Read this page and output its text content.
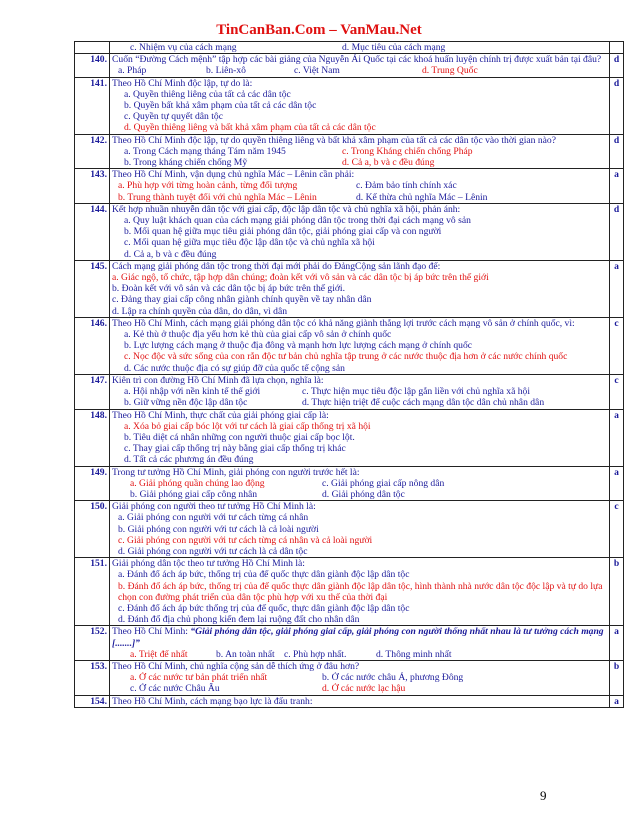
TinCanBan.Com – VanMau.Net

	c. Nhiệm vụ của cách mạng d. Mục tiêu của cách mạng	

140.	Cuốn “Đường Cách mệnh” tập hợp các bài giảng của Nguyễn Ái Quốc tại các khoá huấn luyện chính trị được xuất bản tại đâu?
a. Pháp b. Liên-xô c. Việt Nam d. Trung Quốc	d
141.	Theo Hồ Chí Minh độc lập, tự do là:
a. Quyền thiêng liêng của tất cả các dân tộc
b. Quyền bất khả xâm phạm của tất cả các dân tộc
c. Quyền tự quyết dân tộc
d. Quyền thiêng liêng và bất khả xâm phạm của tất cả các dân tộc	d
142.	Theo Hồ Chí Minh độc lập, tự do quyền thiêng liêng và bất khả xâm phạm của tất cả các dân tộc vào thời gian nào?
a. Trong Cách mạng tháng Tám năm 1945 c. Trong Kháng chiến chống Pháp
b. Trong kháng chiến chống Mỹ d. Cả a, b và c đều đúng	d
143.	Theo Hồ Chí Minh, vận dụng chủ nghĩa Mác – Lênin cần phải:
a. Phù hợp với từng hoàn cảnh, từng đối tượng c. Đảm bảo tính chính xác
b. Trung thành tuyệt đối với chủ nghĩa Mác – Lênin d. Kế thừa chủ nghĩa Mác – Lênin	a
144.	Kết hợp nhuần nhuyễn dân tộc với giai cấp, độc lập dân tộc và chủ nghĩa xã hội, phản ánh:
a. Quy luật khách quan của cách mạng giải phóng dân tộc trong thời đại cách mạng vô sản
b. Mối quan hệ giữa mục tiêu giải phóng dân tộc, giải phóng giai cấp và con người
c. Mối quan hệ giữa mục tiêu độc lập dân tộc và chủ nghĩa xã hội
d. Cả a, b và c đều đúng	d
145.	Cách mạng giải phóng dân tộc trong thời đại mới phải do ĐảngCộng sản lãnh đạo để:
a. Giác ngộ, tổ chức, tập hợp dân chúng; đoàn kết với vô sản và các dân tộc bị áp bức trên thế giới
b. Đoàn kết với vô sản và các dân tộc bị áp bức trên thế giới.
c. Đảng thay giai cấp công nhân giành chính quyền về tay nhân dân
d. Lập ra chính quyền của dân, do dân, vì dân	a
146.	Theo Hồ Chí Minh, cách mạng giải phóng dân tộc có khả năng giành thắng lợi trước cách mạng vô sản ở chính quốc, vì:
a. Kẻ thù ở thuộc địa yếu hơn kẻ thù của giai cấp vô sản ở chính quốc
b. Lực lượng cách mạng ở thuộc địa đông và mạnh hơn lực lượng cách mạng ở chính quốc
c. Nọc độc và sức sống của con rắn độc tư bản chủ nghĩa tập trung ở các nước thuộc địa hơn ở các nước chính quốc
d. Các nước thuộc địa có sự giúp đỡ của quốc tế cộng sản	c
147.	Kiên trì con đường Hồ Chí Minh đã lựa chọn, nghĩa là:
a. Hội nhập với nền kinh tế thế giới c. Thực hiện mục tiêu độc lập gắn liền với chủ nghĩa xã hội
b. Giữ vững nền độc lập dân tộc d. Thực hiện triệt để cuộc cách mạng dân tộc dân chủ nhân dân	c
148.	Theo Hồ Chí Minh, thực chất của giải phóng giai cấp là:
a. Xóa bỏ giai cấp bóc lột với tư cách là giai cấp thống trị xã hội
b. Tiêu diệt cá nhân những con người thuộc giai cấp bọc lột.
c. Thay giai cấp thống trị này bằng giai cấp thống trị khác
d. Tất cả các phương án đều đúng	a
149.	Trong tư tưởng Hồ Chí Minh, giải phóng con người trước hết là:
a. Giải phóng quần chúng lao động c. Giải phóng giai cấp nông dân
b. Giải phóng giai cấp công nhân d. Giải phóng dân tộc	a
150.	Giải phóng con người theo tư tưởng Hồ Chí Minh là:
a. Giải phóng con người với tư cách từng cá nhân
b. Giải phóng con người với tư cách là cả loài người
c. Giải phóng con người với tư cách từng cá nhân và cả loài người
d. Giải phóng con người với tư cách là cả dân tộc	c
151.	Giải phóng dân tộc theo tư tưởng Hồ Chí Minh là:
a. Đánh đổ ách áp bức, thống trị của đế quốc thực dân giành độc lập dân tộc
b. Đánh đổ ách áp bức, thống trị của đế quốc thực dân giành độc lập dân tộc, hình thành nhà nước dân tộc độc lập và tự do lựa chọn con đường phát triển của dân tộc phù hợp với xu thế của thời đại
c. Đánh đổ ách áp bức thống trị của đế quốc, thực dân giành độc lập dân tộc
d. Đánh đổ địa chủ phong kiến đem lại ruộng đất cho nhân dân	b
152.	Theo Hồ Chí Minh: “Giải phóng dân tộc, giải phóng giai cấp, giải phóng con người thống nhất nhau là tư tưởng cách mạng [.......]”
a. Triệt để nhất b. An toàn nhất c. Phù hợp nhất. d. Thông minh nhất	a
153.	Theo Hồ Chí Minh, chủ nghĩa cộng sản dễ thích ứng ở đâu hơn?
a. Ở các nước tư bản phát triển nhất b. Ở các nước châu Á, phương Đông
c. Ở các nước Châu Âu d. Ở các nước lạc hậu	b
154.	Theo Hồ Chí Minh, cách mạng bạo lực là đấu tranh:	a
9
